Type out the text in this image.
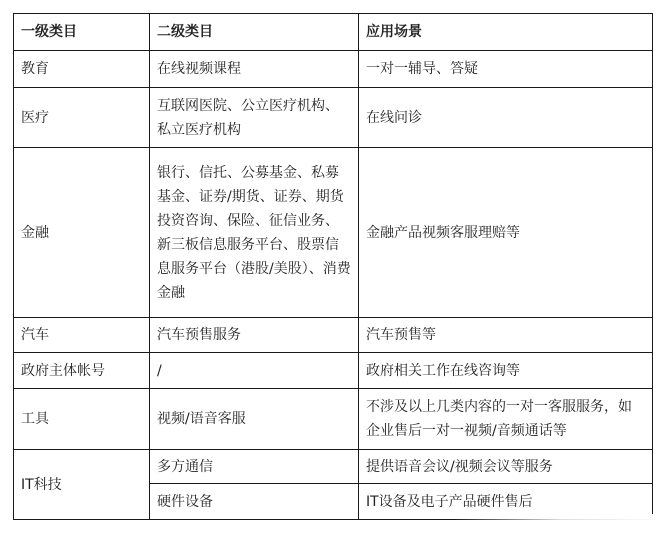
一级类目	二级类目	应用场景
教育	在线视频课程	一对一辅导、答疑
医疗	互联网医院、公立医疗机构、私立医疗机构	在线问诊
金融	银行、信托、公募基金、私募基金、证券/期货、证券、期货投资咨询、保险、征信业务、新三板信息服务平台、股票信息服务平台（港股/美股）、消费金融	金融产品视频客服理赔等
汽车	汽车预售服务	汽车预售等
政府主体帐号	/	政府相关工作在线咨询等
工具	视频/语音客服	不涉及以上几类内容的一对一客服服务，如企业售后一对一视频/音频通话等
IT科技	多方通信	提供语音会议/视频会议等服务
	硬件设备	IT设备及电子产品硬件售后
